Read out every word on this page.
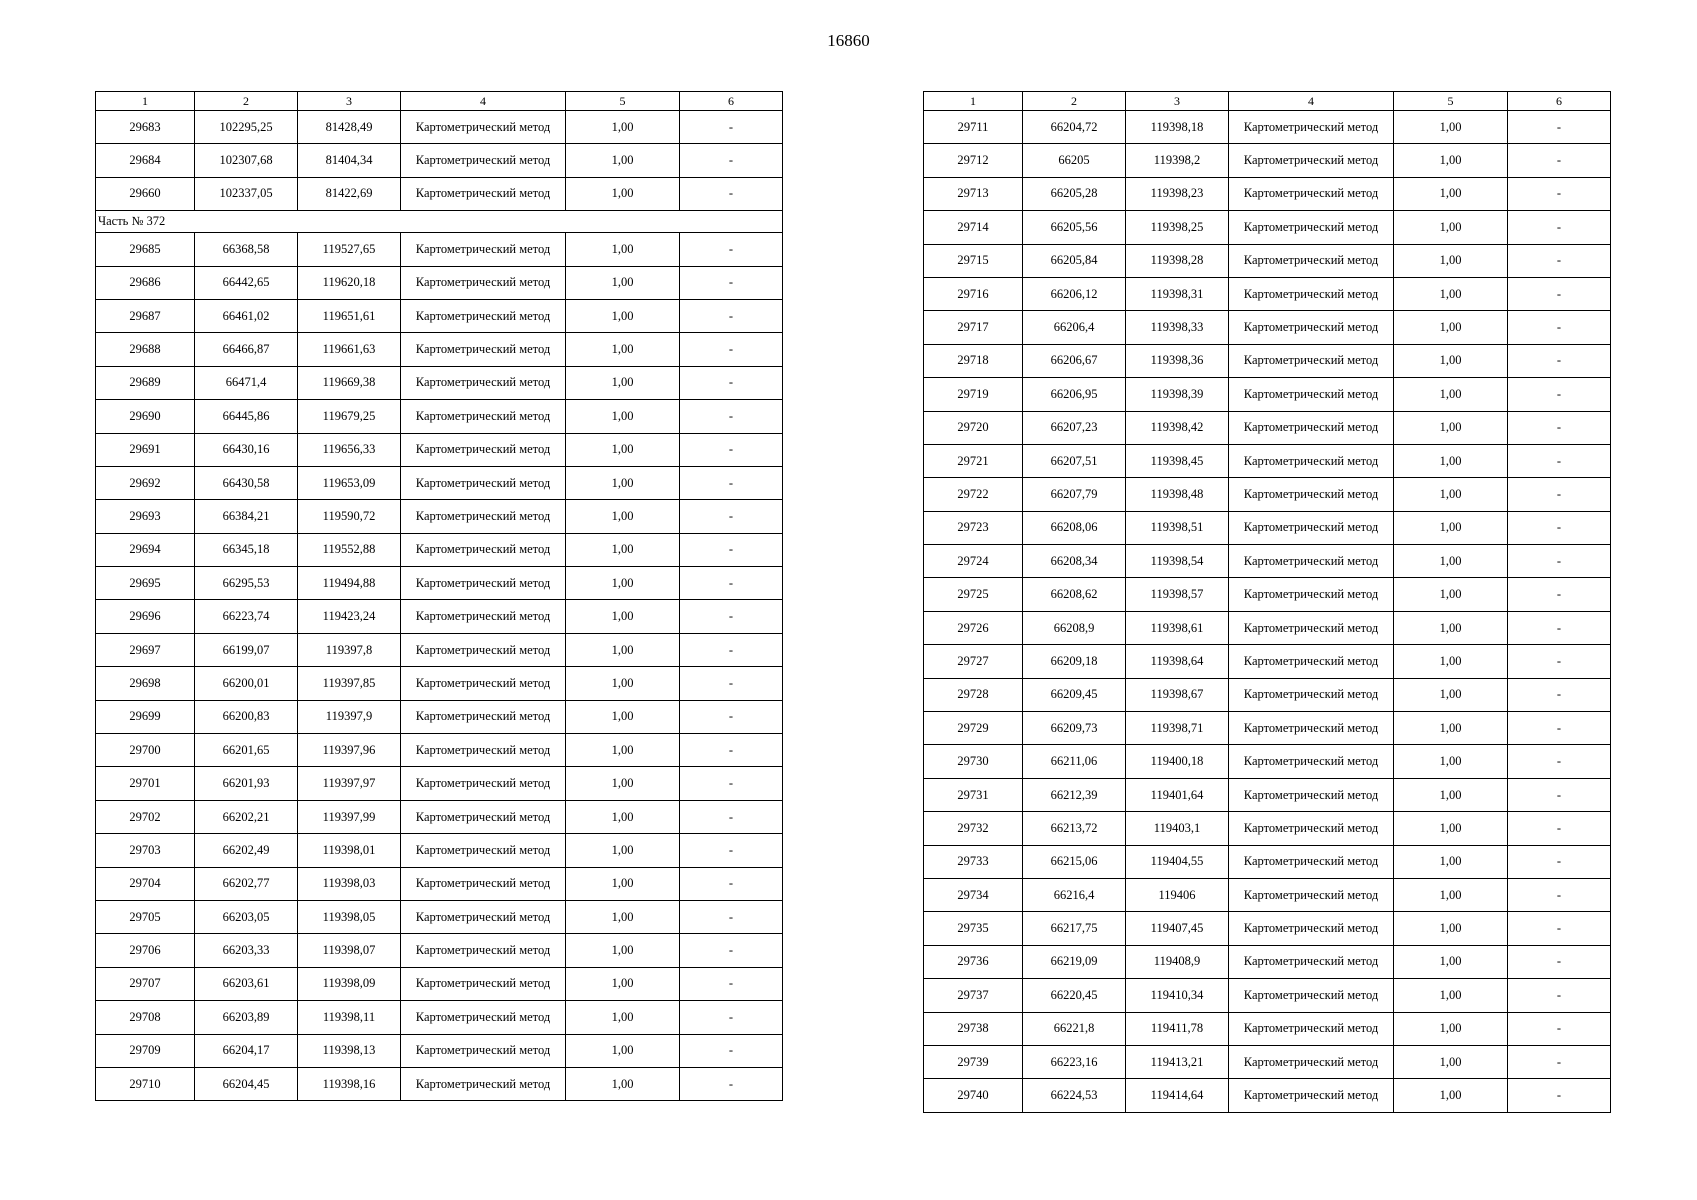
16860
1	2	3	4	5	6
29683	102295,25	81428,49	Картометрический метод	1,00	-
29684	102307,68	81404,34	Картометрический метод	1,00	-
29660	102337,05	81422,69	Картометрический метод	1,00	-
Часть № 372					
29685	66368,58	119527,65	Картометрический метод	1,00	-
29686	66442,65	119620,18	Картометрический метод	1,00	-
29687	66461,02	119651,61	Картометрический метод	1,00	-
29688	66466,87	119661,63	Картометрический метод	1,00	-
29689	66471,4	119669,38	Картометрический метод	1,00	-
29690	66445,86	119679,25	Картометрический метод	1,00	-
29691	66430,16	119656,33	Картометрический метод	1,00	-
29692	66430,58	119653,09	Картометрический метод	1,00	-
29693	66384,21	119590,72	Картометрический метод	1,00	-
29694	66345,18	119552,88	Картометрический метод	1,00	-
29695	66295,53	119494,88	Картометрический метод	1,00	-
29696	66223,74	119423,24	Картометрический метод	1,00	-
29697	66199,07	119397,8	Картометрический метод	1,00	-
29698	66200,01	119397,85	Картометрический метод	1,00	-
29699	66200,83	119397,9	Картометрический метод	1,00	-
29700	66201,65	119397,96	Картометрический метод	1,00	-
29701	66201,93	119397,97	Картометрический метод	1,00	-
29702	66202,21	119397,99	Картометрический метод	1,00	-
29703	66202,49	119398,01	Картометрический метод	1,00	-
29704	66202,77	119398,03	Картометрический метод	1,00	-
29705	66203,05	119398,05	Картометрический метод	1,00	-
29706	66203,33	119398,07	Картометрический метод	1,00	-
29707	66203,61	119398,09	Картометрический метод	1,00	-
29708	66203,89	119398,11	Картометрический метод	1,00	-
29709	66204,17	119398,13	Картометрический метод	1,00	-
29710	66204,45	119398,16	Картометрический метод	1,00	-
1	2	3	4	5	6
29711	66204,72	119398,18	Картометрический метод	1,00	-
29712	66205	119398,2	Картометрический метод	1,00	-
29713	66205,28	119398,23	Картометрический метод	1,00	-
29714	66205,56	119398,25	Картометрический метод	1,00	-
29715	66205,84	119398,28	Картометрический метод	1,00	-
29716	66206,12	119398,31	Картометрический метод	1,00	-
29717	66206,4	119398,33	Картометрический метод	1,00	-
29718	66206,67	119398,36	Картометрический метод	1,00	-
29719	66206,95	119398,39	Картометрический метод	1,00	-
29720	66207,23	119398,42	Картометрический метод	1,00	-
29721	66207,51	119398,45	Картометрический метод	1,00	-
29722	66207,79	119398,48	Картометрический метод	1,00	-
29723	66208,06	119398,51	Картометрический метод	1,00	-
29724	66208,34	119398,54	Картометрический метод	1,00	-
29725	66208,62	119398,57	Картометрический метод	1,00	-
29726	66208,9	119398,61	Картометрический метод	1,00	-
29727	66209,18	119398,64	Картометрический метод	1,00	-
29728	66209,45	119398,67	Картометрический метод	1,00	-
29729	66209,73	119398,71	Картометрический метод	1,00	-
29730	66211,06	119400,18	Картометрический метод	1,00	-
29731	66212,39	119401,64	Картометрический метод	1,00	-
29732	66213,72	119403,1	Картометрический метод	1,00	-
29733	66215,06	119404,55	Картометрический метод	1,00	-
29734	66216,4	119406	Картометрический метод	1,00	-
29735	66217,75	119407,45	Картометрический метод	1,00	-
29736	66219,09	119408,9	Картометрический метод	1,00	-
29737	66220,45	119410,34	Картометрический метод	1,00	-
29738	66221,8	119411,78	Картометрический метод	1,00	-
29739	66223,16	119413,21	Картометрический метод	1,00	-
29740	66224,53	119414,64	Картометрический метод	1,00	-
